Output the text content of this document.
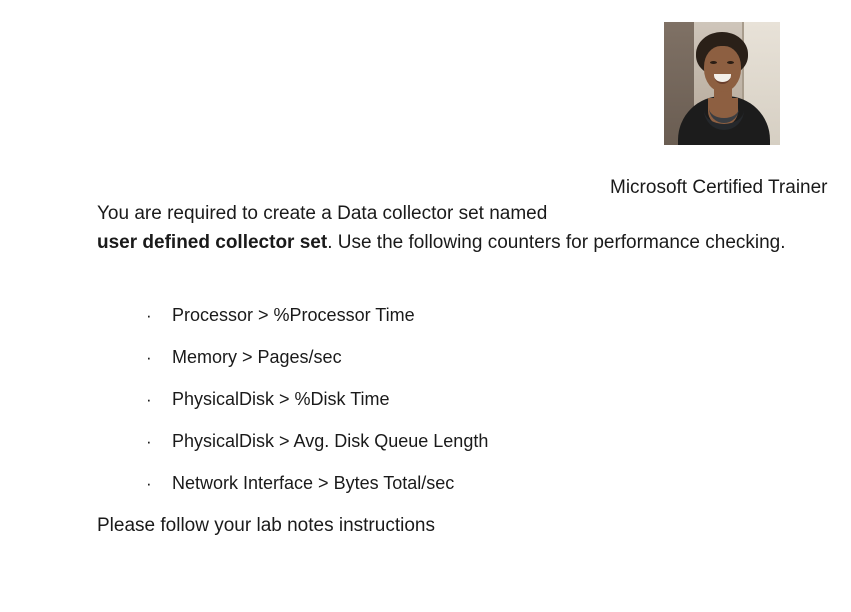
Microsoft Certified Trainer

You are required to create a Data collector set named
user defined collector set. Use the following counters for performance checking.

·	Processor > %Processor Time
·	Memory > Pages/sec
·	PhysicalDisk > %Disk Time
·	PhysicalDisk > Avg. Disk Queue Length
·	Network Interface > Bytes Total/sec
Please follow your lab notes instructions
